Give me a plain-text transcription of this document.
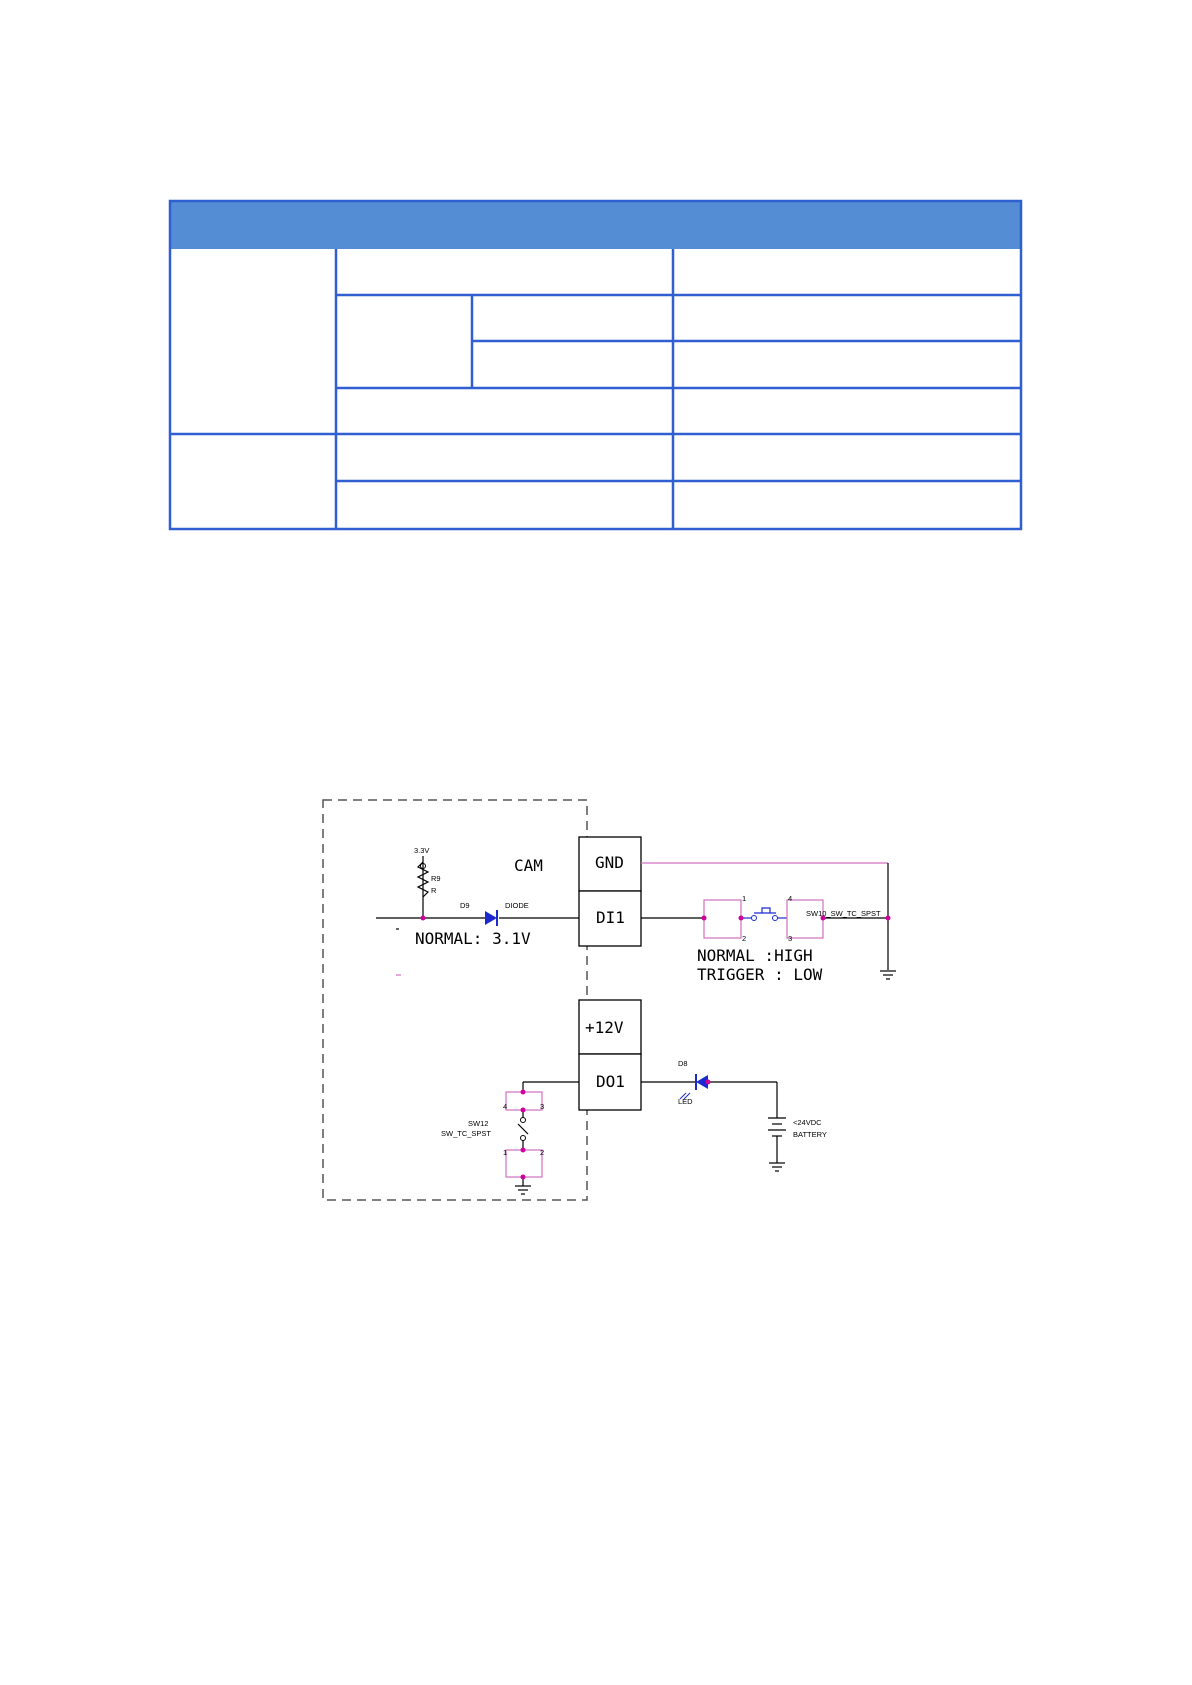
GND
DI1
+12V
DO1
CAM
NORMAL: 3.1V
NORMAL :HIGH
TRIGGER : LOW
3.3V
R9
R
D9	DIODE
SW10_SW_TC_SPST
1
2	3
4
SW12
SW_TC_SPST
4	3
1	2
D8
LED
<24VDC
BATTERY
